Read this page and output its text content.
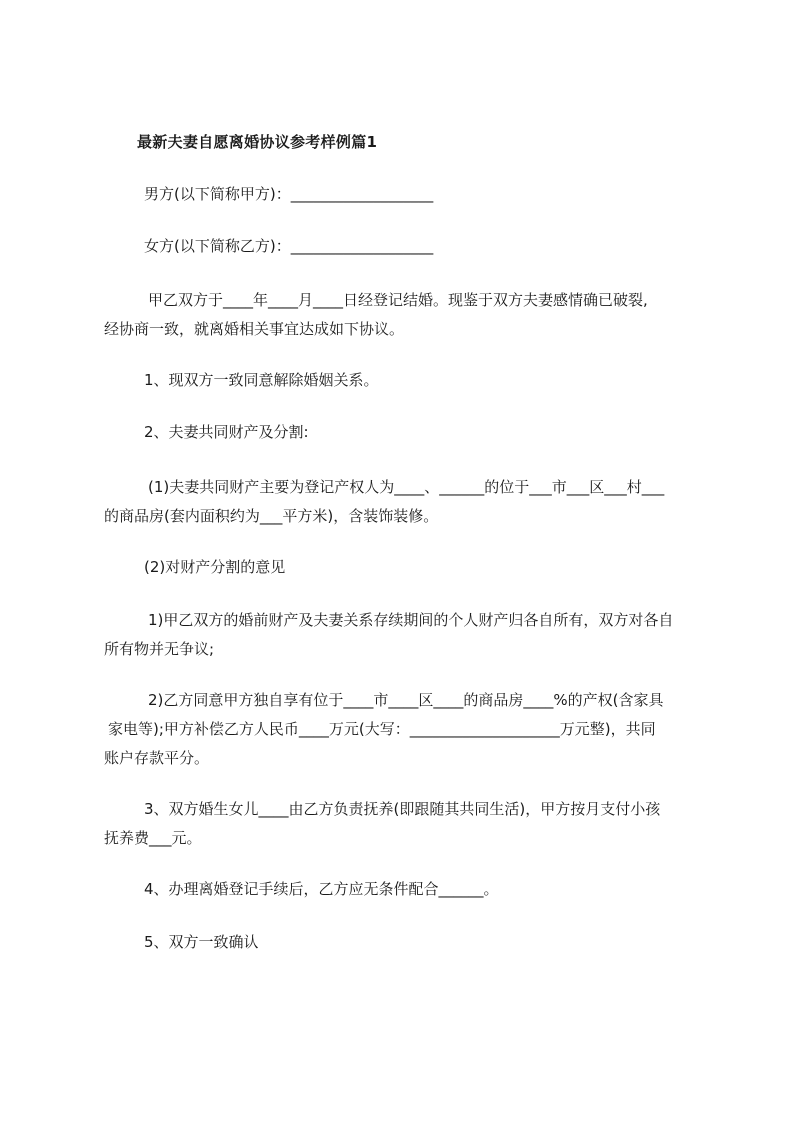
最新夫妻自愿离婚协议参考样例篇1
男方(以下简称甲方)：___________________
女方(以下简称乙方)：___________________
甲乙双方于____年____月____日经登记结婚。现鉴于双方夫妻感情确已破裂,
经协商一致，就离婚相关事宜达成如下协议。
1、现双方一致同意解除婚姻关系。
2、夫妻共同财产及分割:
(1)夫妻共同财产主要为登记产权人为____、______的位于___市___区___村___
的商品房(套内面积约为___平方米)，含装饰装修。
(2)对财产分割的意见
1)甲乙双方的婚前财产及夫妻关系存续期间的个人财产归各自所有，双方对各自
所有物并无争议;
2)乙方同意甲方独自享有位于____市____区____的商品房____%的产权(含家具
家电等);甲方补偿乙方人民币____万元(大写：____________________万元整)，共同
账户存款平分。
3、双方婚生女儿____由乙方负责抚养(即跟随其共同生活)，甲方按月支付小孩
抚养费___元。
4、办理离婚登记手续后，乙方应无条件配合______。
5、双方一致确认
